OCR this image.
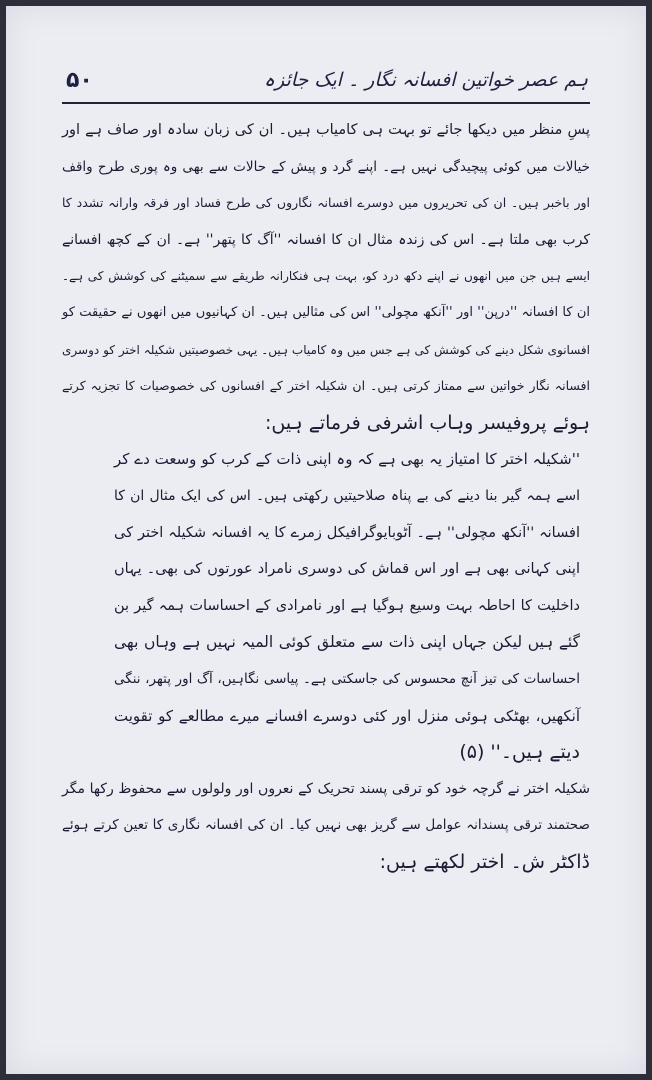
ہم عصر خواتین افسانہ نگار ۔ ایک جائزہ
۵۰
پسِ منظر میں دیکھا جائے تو بہت ہی کامیاب ہیں۔ ان کی زبان سادہ اور صاف ہے اور
خیالات میں کوئی پیچیدگی نہیں ہے۔ اپنے گرد و پیش کے حالات سے بھی وہ پوری طرح واقف
اور باخبر ہیں۔ ان کی تحریروں میں دوسرے افسانہ نگاروں کی طرح فساد اور فرقہ وارانہ تشدد کا
کرب بھی ملتا ہے۔ اس کی زندہ مثال ان کا افسانہ ''آگ کا پتھر'' ہے۔ ان کے کچھ افسانے
ایسے ہیں جن میں انھوں نے اپنے دکھ درد کو، بہت ہی فنکارانہ طریقے سے سمیٹنے کی کوشش کی ہے۔
ان کا افسانہ ''درپن'' اور ''آنکھ مچولی'' اس کی مثالیں ہیں۔ ان کہانیوں میں انھوں نے حقیقت کو
افسانوی شکل دینے کی کوشش کی ہے جس میں وہ کامیاب ہیں۔ یہی خصوصیتیں شکیلہ اختر کو دوسری
افسانہ نگار خواتین سے ممتاز کرتی ہیں۔ ان شکیلہ اختر کے افسانوں کی خصوصیات کا تجزیہ کرتے
ہوئے پروفیسر وہاب اشرفی فرماتے ہیں:
''شکیلہ اختر کا امتیاز یہ بھی ہے کہ وہ اپنی ذات کے کرب کو وسعت دے کر
اسے ہمہ گیر بنا دینے کی بے پناہ صلاحیتیں رکھتی ہیں۔ اس کی ایک مثال ان کا
افسانہ ''آنکھ مچولی'' ہے۔ آٹوبایوگرافیکل زمرے کا یہ افسانہ شکیلہ اختر کی
اپنی کہانی بھی ہے اور اس قماش کی دوسری نامراد عورتوں کی بھی۔ یہاں
داخلیت کا احاطہ بہت وسیع ہوگیا ہے اور نامرادی کے احساسات ہمہ گیر بن
گئے ہیں لیکن جہاں اپنی ذات سے متعلق کوئی المیہ نہیں ہے وہاں بھی
احساسات کی تیز آنچ محسوس کی جاسکتی ہے۔ پیاسی نگاہیں، آگ اور پتھر، ننگی
آنکھیں، بھٹکی ہوئی منزل اور کئی دوسرے افسانے میرے مطالعے کو تقویت
دیتے ہیں۔'' (۵)
شکیلہ اختر نے گرچہ خود کو ترقی پسند تحریک کے نعروں اور ولولوں سے محفوظ رکھا مگر
صحتمند ترقی پسندانہ عوامل سے گریز بھی نہیں کیا۔ ان کی افسانہ نگاری کا تعین کرتے ہوئے
ڈاکٹر ش۔ اختر لکھتے ہیں:
